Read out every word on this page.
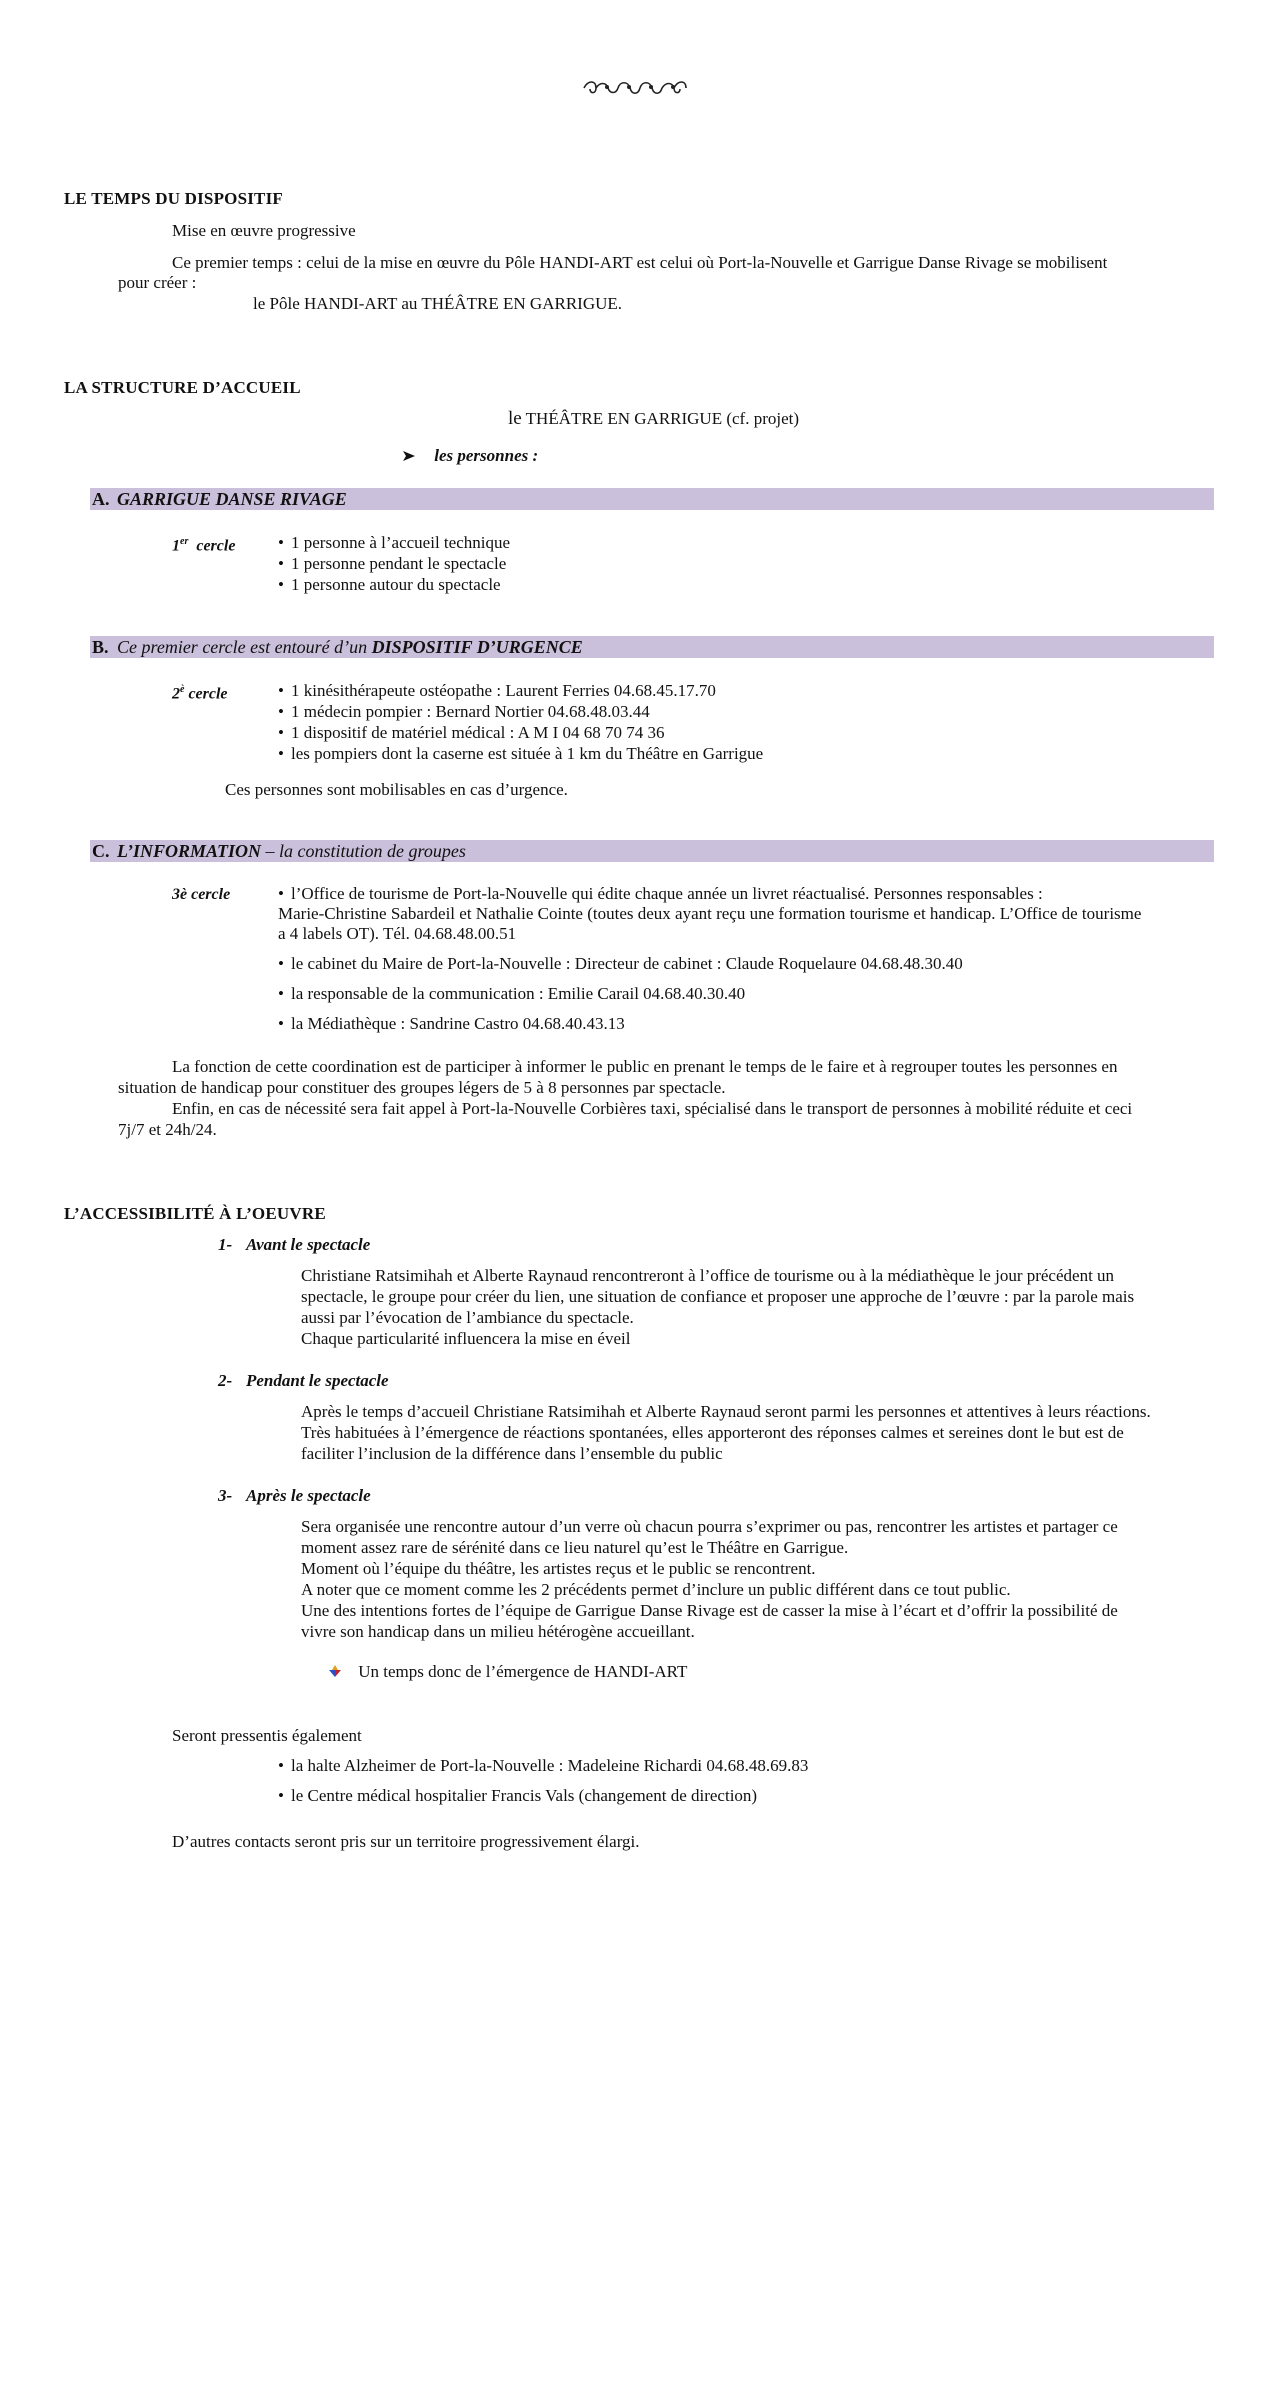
LE TEMPS DU DISPOSITIF
Mise en œuvre progressive
Ce premier temps : celui de la mise en œuvre du Pôle HANDI-ART est celui où Port-la-Nouvelle et Garrigue Danse Rivage se mobilisent
pour créer :
le Pôle HANDI-ART au THÉÂTRE EN GARRIGUE.
LA STRUCTURE D’ACCUEIL
le THÉÂTRE EN GARRIGUE (cf. projet)
les personnes :
A. GARRIGUE DANSE RIVAGE
1er cercle	• 1 personne à l’accueil technique
• 1 personne pendant le spectacle
• 1 personne autour du spectacle
B. Ce premier cercle est entouré d’un DISPOSITIF D’URGENCE
$2^è$ cercle	• 1 kinésithérapeute ostéopathe : Laurent Ferries 04.68.45.17.70
• 1 médecin pompier : Bernard Nortier 04.68.48.03.44
• 1 dispositif de matériel médical : A M I 04 68 70 74 36
• les pompiers dont la caserne est située à 1 km du Théâtre en Garrigue
Ces personnes sont mobilisables en cas d’urgence.
C. L’INFORMATION – la constitution de groupes
3è cercle	• l’Office de tourisme de Port-la-Nouvelle qui édite chaque année un livret réactualisé. Personnes responsables :
Marie-Christine Sabardeil et Nathalie Cointe (toutes deux ayant reçu une formation tourisme et handicap. L’Office de tourisme
a 4 labels OT). Tél. 04.68.48.00.51
• le cabinet du Maire de Port-la-Nouvelle : Directeur de cabinet : Claude Roquelaure 04.68.48.30.40
• la responsable de la communication : Emilie Carail 04.68.40.30.40
• la Médiathèque : Sandrine Castro 04.68.40.43.13
La fonction de cette coordination est de participer à informer le public en prenant le temps de le faire et à regrouper toutes les personnes en
situation de handicap pour constituer des groupes légers de 5 à 8 personnes par spectacle.
Enfin, en cas de nécessité sera fait appel à Port-la-Nouvelle Corbières taxi, spécialisé dans le transport de personnes à mobilité réduite et ceci
7j/7 et 24h/24.
L’ACCESSIBILITÉ À L’OEUVRE
1- Avant le spectacle
Christiane Ratsimihah et Alberte Raynaud rencontreront à l’office de tourisme ou à la médiathèque le jour précédent un
spectacle, le groupe pour créer du lien, une situation de confiance et proposer une approche de l’œuvre : par la parole mais
aussi par l’évocation de l’ambiance du spectacle.
Chaque particularité influencera la mise en éveil
2- Pendant le spectacle
Après le temps d’accueil Christiane Ratsimihah et Alberte Raynaud seront parmi les personnes et attentives à leurs réactions.
Très habituées à l’émergence de réactions spontanées, elles apporteront des réponses calmes et sereines dont le but est de
faciliter l’inclusion de la différence dans l’ensemble du public
3- Après le spectacle
Sera organisée une rencontre autour d’un verre où chacun pourra s’exprimer ou pas, rencontrer les artistes et partager ce
moment assez rare de sérénité dans ce lieu naturel qu’est le Théâtre en Garrigue.
Moment où l’équipe du théâtre, les artistes reçus et le public se rencontrent.
A noter que ce moment comme les 2 précédents permet d’inclure un public différent dans ce tout public.
Une des intentions fortes de l’équipe de Garrigue Danse Rivage est de casser la mise à l’écart et d’offrir la possibilité de
vivre son handicap dans un milieu hétérogène accueillant.
Un temps donc de l’émergence de HANDI-ART
Seront pressentis également
• la halte Alzheimer de Port-la-Nouvelle : Madeleine Richardi 04.68.48.69.83
• le Centre médical hospitalier Francis Vals (changement de direction)
D’autres contacts seront pris sur un territoire progressivement élargi.
